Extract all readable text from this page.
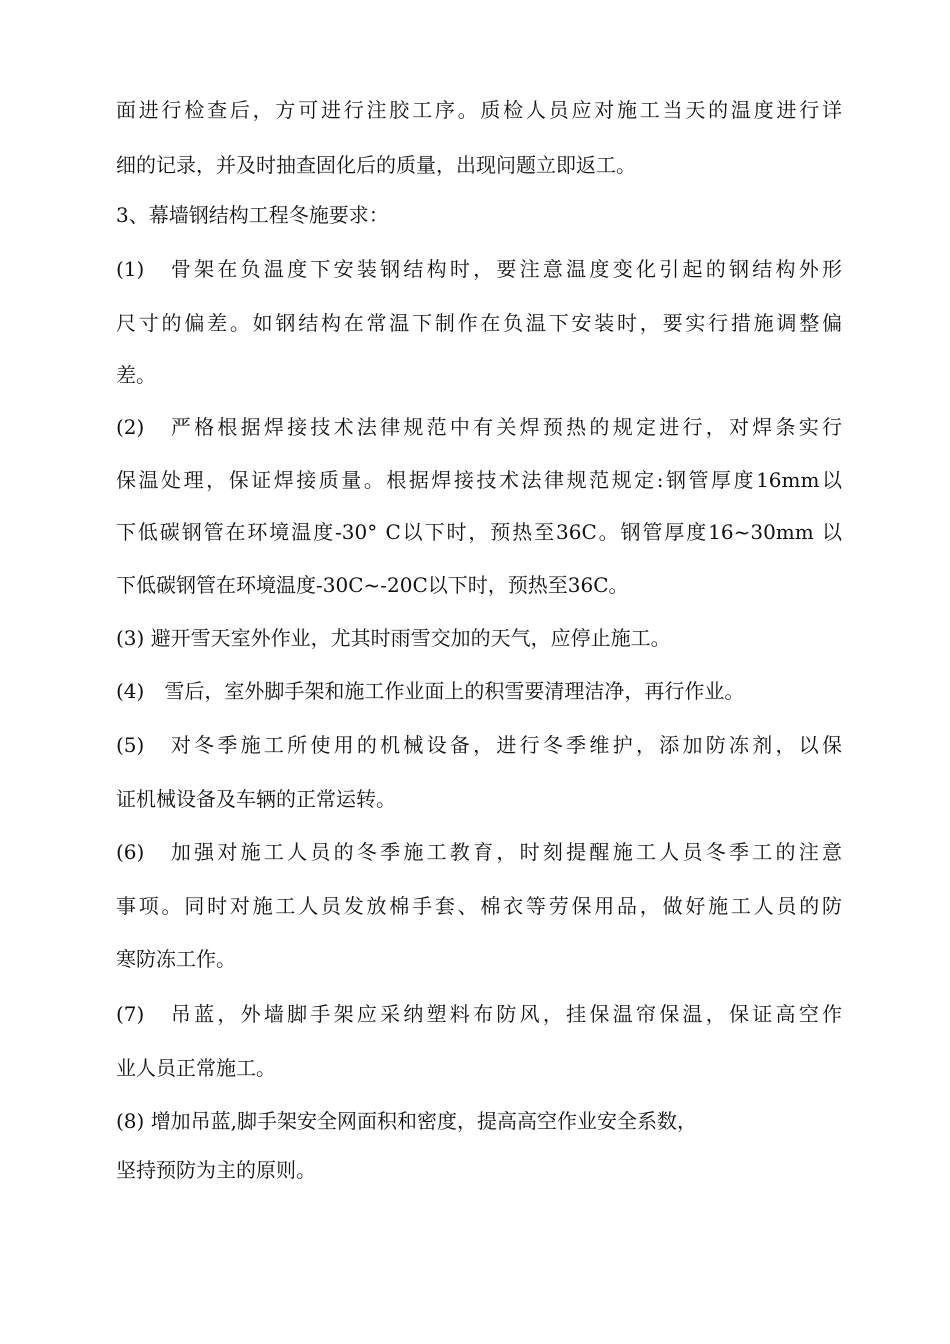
面进行检查后，方可进行注胶工序。质检人员应对施工当天的温度进行详
细的记录，并及时抽查固化后的质量，出现问题立即返工。
3、幕墙钢结构工程冬施要求：
(1)　骨架在负温度下安装钢结构时，要注意温度变化引起的钢结构外形
尺寸的偏差。如钢结构在常温下制作在负温下安装时，要实行措施调整偏
差。
(2)　严格根据焊接技术法律规范中有关焊预热的规定进行，对焊条实行
保温处理，保证焊接质量。根据焊接技术法律规范规定:钢管厚度16mm以
下低碳钢管在环境温度-30° C以下时，预热至36C。钢管厚度16~30mm 以
下低碳钢管在环境温度-30C~-20C以下时，预热至36C。
(3) 避开雪天室外作业，尤其时雨雪交加的天气，应停止施工。
(4)　雪后，室外脚手架和施工作业面上的积雪要清理洁净，再行作业。
(5)　对冬季施工所使用的机械设备，进行冬季维护，添加防冻剂，以保
证机械设备及车辆的正常运转。
(6)　加强对施工人员的冬季施工教育，时刻提醒施工人员冬季工的注意
事项。同时对施工人员发放棉手套、棉衣等劳保用品，做好施工人员的防
寒防冻工作。
(7)　吊蓝，外墙脚手架应采纳塑料布防风，挂保温帘保温，保证高空作
业人员正常施工。
(8) 增加吊蓝,脚手架安全网面积和密度，提高高空作业安全系数，
坚持预防为主的原则。
